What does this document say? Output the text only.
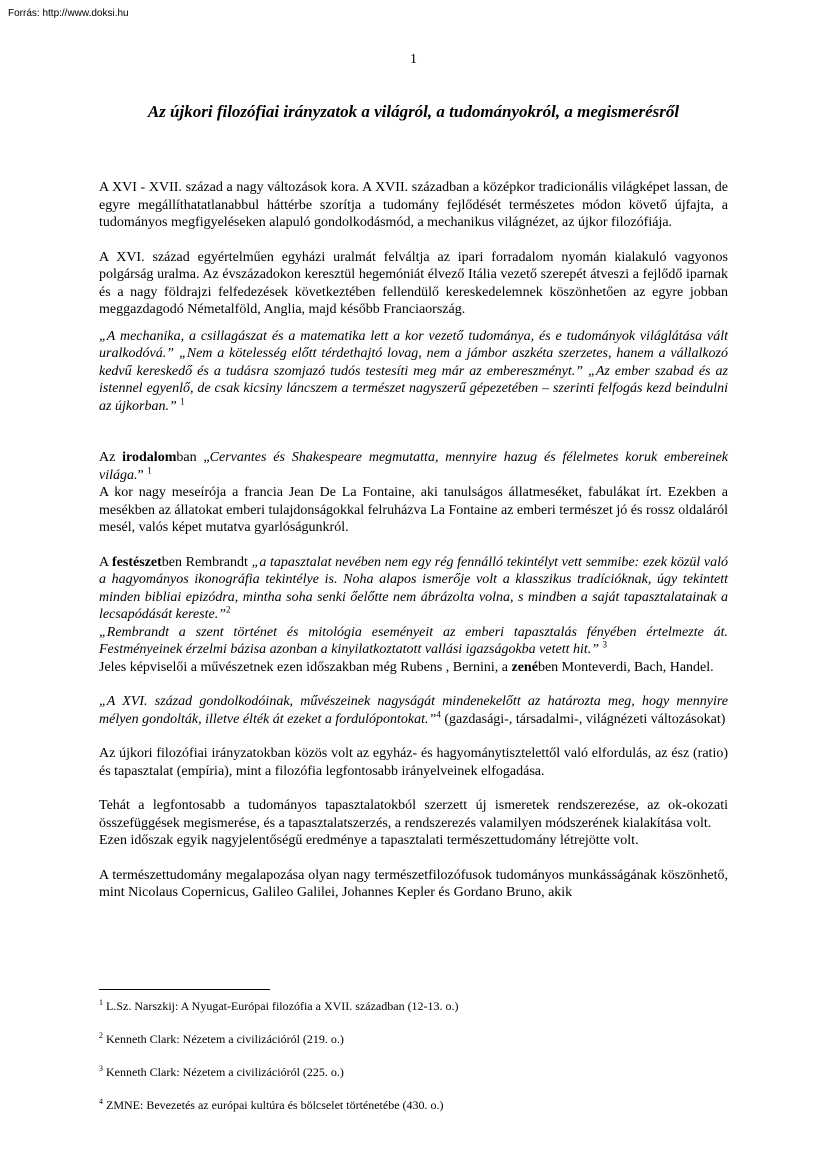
Forrás: http://www.doksi.hu
1
Az újkori filozófiai irányzatok a világról, a tudományokról, a megismerésről

A XVI - XVII. század a nagy változások kora. A XVII. században a középkor tradicionális világképet lassan, de egyre megállíthatatlanabbul háttérbe szorítja a tudomány fejlődését természetes módon követő újfajta, a tudományos megfigyeléseken alapuló gondolkodásmód, a mechanikus világnézet, az újkor filozófiája.

A XVI. század egyértelműen egyházi uralmát felváltja az ipari forradalom nyomán kialakuló vagyonos polgárság uralma. Az évszázadokon keresztül hegemóniát élvező Itália vezető szerepét átveszi a fejlődő iparnak és a nagy földrajzi felfedezések következtében fellendülő kereskedelemnek köszönhetően az egyre jobban meggazdagodó Németalföld, Anglia, majd később Franciaország.

„A mechanika, a csillagászat és a matematika lett a kor vezető tudománya, és e tudományok világlátása vált uralkodóvá.” „Nem a kötelesség előtt térdethajtó lovag, nem a jámbor aszkéta szerzetes, hanem a vállalkozó kedvű kereskedő és a tudásra szomjazó tudós testesíti meg már az embereszményt.” „Az ember szabad és az istennel egyenlő, de csak kicsiny láncszem a természet nagyszerű gépezetében – szerinti felfogás kezd beindulni az újkorban.” $^1$

Az irodalomban „Cervantes és Shakespeare megmutatta, mennyire hazug és félelmetes koruk embereinek világa.” $^1$

A kor nagy meseírója a francia Jean De La Fontaine, aki tanulságos állatmeséket, fabulákat írt. Ezekben a mesékben az állatokat emberi tulajdonságokkal felruházva La Fontaine az emberi természet jó és rossz oldaláról mesél, valós képet mutatva gyarlóságunkról.

A festészetben Rembrandt „a tapasztalat nevében nem egy rég fennálló tekintélyt vett semmibe: ezek közül való a hagyományos ikonográfia tekintélye is. Noha alapos ismerője volt a klasszikus tradícióknak, úgy tekintett minden bibliai epizódra, mintha soha senki őelőtte nem ábrázolta volna, s mindben a saját tapasztalatainak a lecsapódását kereste.”$^2$

„Rembrandt a szent történet és mitológia eseményeit az emberi tapasztalás fényében értelmezte át. Festményeinek érzelmi bázisa azonban a kinyilatkoztatott vallási igazságokba vetett hit.” $^3$

Jeles képviselői a művészetnek ezen időszakban még Rubens , Bernini, a zenében Monteverdi, Bach, Handel.

„A XVI. század gondolkodóinak, művészeinek nagyságát mindenekelőtt az határozta meg, hogy mennyire mélyen gondolták, illetve élték át ezeket a fordulópontokat.”$^4$ (gazdasági-, társadalmi-, világnézeti változásokat)

Az újkori filozófiai irányzatokban közös volt az egyház- és hagyománytisztelettől való elfordulás, az ész (ratio) és tapasztalat (empíria), mint a filozófia legfontosabb irányelveinek elfogadása.

Tehát a legfontosabb a tudományos tapasztalatokból szerzett új ismeretek rendszerezése, az ok-okozati összefüggések megismerése, és a tapasztalatszerzés, a rendszerezés valamilyen módszerének kialakítása volt.

Ezen időszak egyik nagyjelentőségű eredménye a tapasztalati természettudomány létrejötte volt.

A természettudomány megalapozása olyan nagy természetfilozófusok tudományos munkásságának köszönhető, mint Nicolaus Copernicus, Galileo Galilei, Johannes Kepler és Gordano Bruno, akik

$^1$ L.Sz. Narszkij: A Nyugat-Európai filozófia a XVII. században (12-13. o.)
$^2$ Kenneth Clark: Nézetem a civilizációról (219. o.)
$^3$ Kenneth Clark: Nézetem a civilizációról (225. o.)
$^4$ ZMNE: Bevezetés az európai kultúra és bölcselet történetébe (430. o.)
